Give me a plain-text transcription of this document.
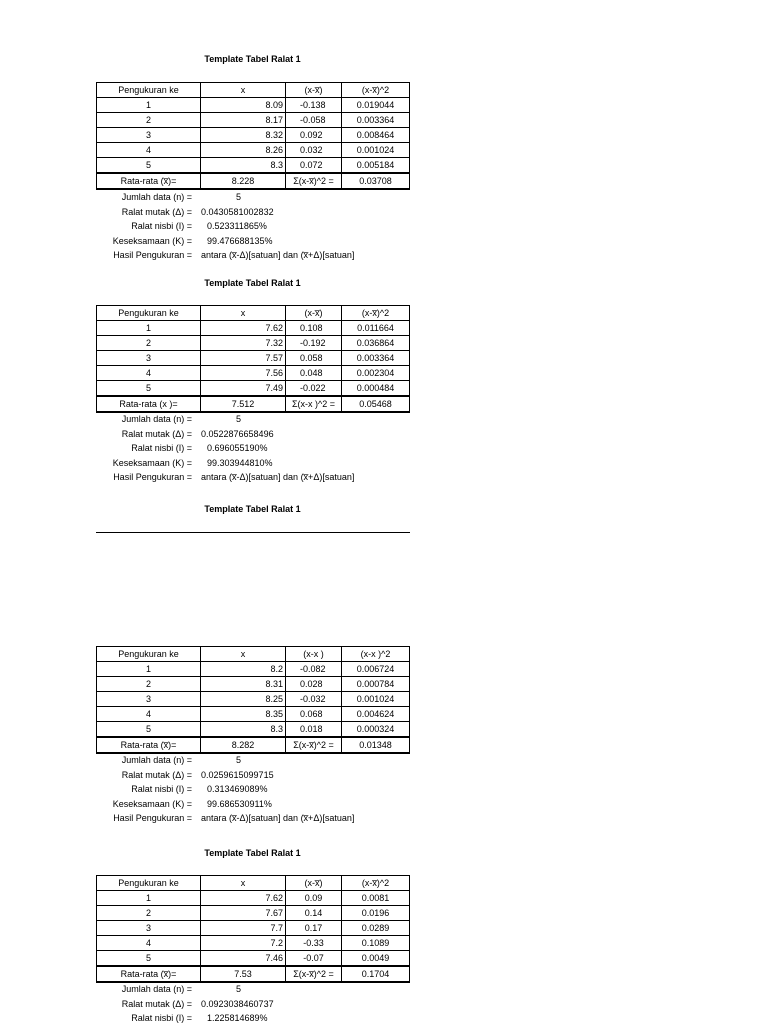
Template Tabel Ralat 1
Pengukuran ke	x	(x-x̅)	(x-x̅)^2
1	8.09	-0.138	0.019044
2	8.17	-0.058	0.003364
3	8.32	0.092	0.008464
4	8.26	0.032	0.001024
5	8.3	0.072	0.005184
Rata-rata (x̅)=	8.228	Σ(x-x̅)^2 =	0.03708
Jumlah data (n) =	5
Ralat mutak (Δ) = 0.0430581002832
Ralat nisbi (I) = 0.523311865%
Keseksamaan (K) = 99.476688135%
Hasil Pengukuran = antara (x̅-Δ)[satuan] dan (x̅+Δ)[satuan]
Template Tabel Ralat 1
Pengukuran ke	x	(x-x̅)	(x-x̅)^2
1	7.62	0.108	0.011664
2	7.32	-0.192	0.036864
3	7.57	0.058	0.003364
4	7.56	0.048	0.002304
5	7.49	-0.022	0.000484
Rata-rata (x )=	7.512	Σ(x-x )^2 =	0.05468
Jumlah data (n) =	5
Ralat mutak (Δ) = 0.0522876658496
Ralat nisbi (I) = 0.696055190%
Keseksamaan (K) = 99.303944810%
Hasil Pengukuran = antara (x̅-Δ)[satuan] dan (x̅+Δ)[satuan]
Template Tabel Ralat 1
Pengukuran ke	x	(x-x )	(x-x )^2
1	8.2	-0.082	0.006724
2	8.31	0.028	0.000784
3	8.25	-0.032	0.001024
4	8.35	0.068	0.004624
5	8.3	0.018	0.000324
Rata-rata (x̅)=	8.282	Σ(x-x̅)^2 =	0.01348
Jumlah data (n) =	5
Ralat mutak (Δ) = 0.0259615099715
Ralat nisbi (I) = 0.313469089%
Keseksamaan (K) = 99.686530911%
Hasil Pengukuran = antara (x̅-Δ)[satuan] dan (x̅+Δ)[satuan]
Template Tabel Ralat 1
Pengukuran ke	x	(x-x̅)	(x-x̅)^2
1	7.62	0.09	0.0081
2	7.67	0.14	0.0196
3	7.7	0.17	0.0289
4	7.2	-0.33	0.1089
5	7.46	-0.07	0.0049
Rata-rata (x̅)=	7.53	Σ(x-x̅)^2 =	0.1704
Jumlah data (n) =	5
Ralat mutak (Δ) = 0.0923038460737
Ralat nisbi (I) = 1.225814689%
